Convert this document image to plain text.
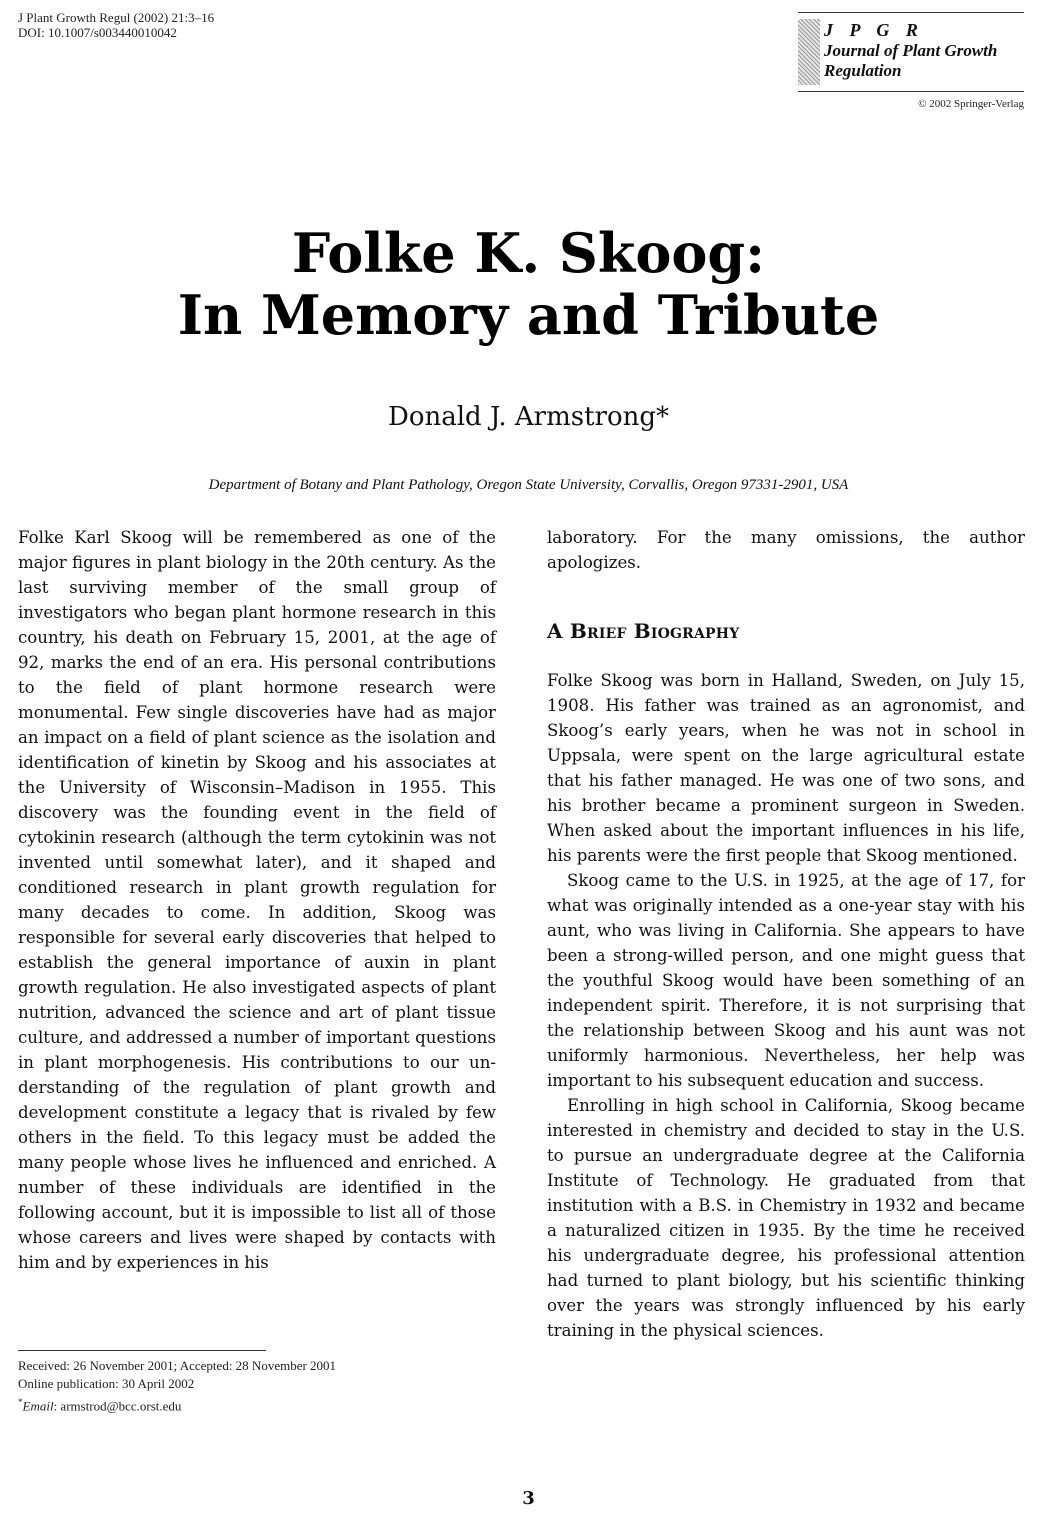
J Plant Growth Regul (2002) 21:3–16
DOI: 10.1007/s003440010042	J P G R
Journal of Plant Growth
Regulation
© 2002 Springer-Verlag
Folke K. Skoog:
In Memory and Tribute
Donald J. Armstrong*
Department of Botany and Plant Pathology, Oregon State University, Corvallis, Oregon 97331-2901, USA

Folke Karl Skoog will be remembered as one of the major figures in plant biology in the 20th century. As the last surviving member of the small group of investigators who began plant hormone research in this country, his death on February 15, 2001, at the age of 92, marks the end of an era. His personal contributions to the field of plant hormone research were monumental. Few single discoveries have had as major an impact on a field of plant science as the isolation and identification of kinetin by Skoog and his associates at the University of Wisconsin–Madison in 1955. This discovery was the founding event in the field of cytokinin research (although the term cytokinin was not invented until somewhat later), and it shaped and conditioned research in plant growth regulation for many decades to come. In addition, Skoog was responsible for several early discoveries that helped to establish the general importance of auxin in plant growth regulation. He also investigated aspects of plant nutrition, advanced the science and art of plant tissue culture, and addressed a number of important questions in plant morphogenesis. His contributions to our understanding of the regulation of plant growth and development constitute a legacy that is rivaled by few others in the field. To this legacy must be added the many people whose lives he influenced and enriched. A number of these individuals are identified in the following account, but it is impossible to list all of those whose careers and lives were shaped by contacts with him and by experiences in his

laboratory. For the many omissions, the author apologizes.

A Brief Biography

Folke Skoog was born in Halland, Sweden, on July 15, 1908. His father was trained as an agronomist, and Skoog’s early years, when he was not in school in Uppsala, were spent on the large agricultural estate that his father managed. He was one of two sons, and his brother became a prominent surgeon in Sweden. When asked about the important influences in his life, his parents were the first people that Skoog mentioned.

Skoog came to the U.S. in 1925, at the age of 17, for what was originally intended as a one-year stay with his aunt, who was living in California. She appears to have been a strong-willed person, and one might guess that the youthful Skoog would have been something of an independent spirit. Therefore, it is not surprising that the relationship between Skoog and his aunt was not uniformly harmonious. Nevertheless, her help was important to his subsequent education and success.

Enrolling in high school in California, Skoog became interested in chemistry and decided to stay in the U.S. to pursue an undergraduate degree at the California Institute of Technology. He graduated from that institution with a B.S. in Chemistry in 1932 and became a naturalized citizen in 1935. By the time he received his undergraduate degree, his professional attention had turned to plant biology, but his scientific thinking over the years was strongly influenced by his early training in the physical sciences.

Received: 26 November 2001; Accepted: 28 November 2001
Online publication: 30 April 2002
*Email: armstrod@bcc.orst.edu
3
